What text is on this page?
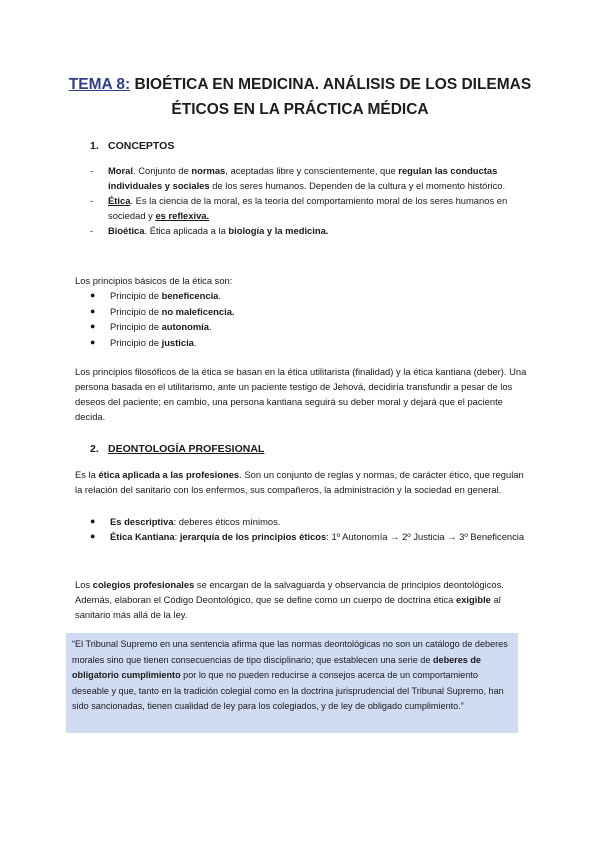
TEMA 8: BIOÉTICA EN MEDICINA. ANÁLISIS DE LOS DILEMAS
ÉTICOS EN LA PRÁCTICA MÉDICA
1. CONCEPTOS
- Moral. Conjunto de normas, aceptadas libre y conscientemente, que regulan las conductas individuales y sociales de los seres humanos. Dependen de la cultura y el momento histórico.
- Ética. Es la ciencia de la moral, es la teoría del comportamiento moral de los seres humanos en sociedad y es reflexiva.
- Bioética. Ética aplicada a la biología y la medicina.
Los principios básicos de la ética son:
● Principio de beneficencia.
● Principio de no maleficencia.
● Principio de autonomía.
● Principio de justicia.
Los principios filosóficos de la ética se basan en la ética utilitarista (finalidad) y la ética kantiana (deber). Una persona basada en el utilitarismo, ante un paciente testigo de Jehová, decidiría transfundir a pesar de los deseos del paciente; en cambio, una persona kantiana seguirá su deber moral y dejará que el paciente decida.
2. DEONTOLOGÍA PROFESIONAL
Es la ética aplicada a las profesiones. Son un conjunto de reglas y normas, de carácter ético, que regulan la relación del sanitario con los enfermos, sus compañeros, la administración y la sociedad en general.
● Es descriptiva: deberes éticos mínimos.
● Ética Kantiana: jerarquía de los principios éticos: 1º Autonomía → 2º Justicia → 3º Beneficencia
Los colegios profesionales se encargan de la salvaguarda y observancia de principios deontológicos. Además, elaboran el Código Deontológico, que se define como un cuerpo de doctrina ética exigible al sanitario más allá de la ley.
“El Tribunal Supremo en una sentencia afirma que las normas deontológicas no son un catálogo de deberes morales sino que tienen consecuencias de tipo disciplinario; que establecen una serie de deberes de obligatorio cumplimiento por lo que no pueden reducirse a consejos acerca de un comportamiento deseable y que, tanto en la tradición colegial como en la doctrina jurisprudencial del Tribunal Supremo, han sido sancionadas, tienen cualidad de ley para los colegiados, y de ley de obligado cumplimiento.”
